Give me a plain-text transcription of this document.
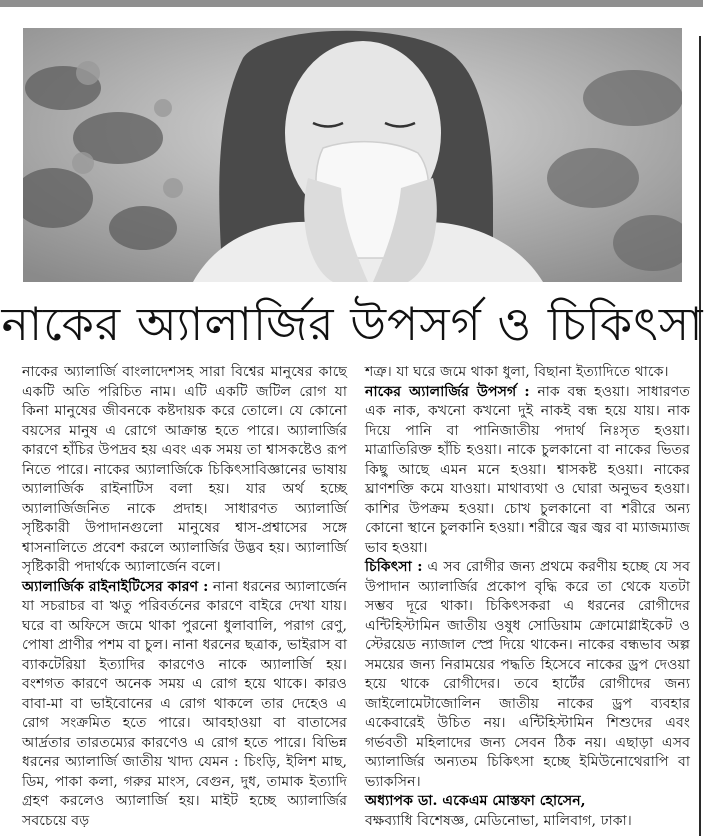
নাকের অ্যালার্জির উপসর্গ ও চিকিৎসা

নাকের অ্যালার্জি বাংলাদেশসহ সারা বিশ্বের মানুষের কাছে একটি অতি পরিচিত নাম। এটি একটি জটিল রোগ যা কিনা মানুষের জীবনকে কষ্টদায়ক করে তোলে। যে কোনো বয়সের মানুষ এ রোগে আক্রান্ত হতে পারে। অ্যালার্জির কারণে হাঁচির উপদ্রব হয় এবং এক সময় তা শ্বাসকষ্টেও রূপ নিতে পারে। নাকের অ্যালার্জিকে চিকিৎসাবিজ্ঞানের ভাষায় অ্যালার্জিক রাইনাটিস বলা হয়। যার অর্থ হচ্ছে অ্যালার্জিজনিত নাকে প্রদাহ। সাধারণত অ্যালার্জি সৃষ্টিকারী উপাদানগুলো মানুষের শ্বাস-প্রশ্বাসের সঙ্গে শ্বাসনালিতে প্রবেশ করলে অ্যালার্জির উদ্ভব হয়। অ্যালার্জি সৃষ্টিকারী পদার্থকে অ্যালার্জেন বলে।

অ্যালার্জিক রাইনাইটিসের কারণ : নানা ধরনের অ্যালার্জেন যা সচরাচর বা ঋতু পরিবর্তনের কারণে বাইরে দেখা যায়। ঘরে বা অফিসে জমে থাকা পুরনো ধুলাবালি, পরাগ রেণু, পোষা প্রাণীর পশম বা চুল। নানা ধরনের ছত্রাক, ভাইরাস বা ব্যাকটেরিয়া ইত্যাদির কারণেও নাকে অ্যালার্জি হয়। বংশগত কারণে অনেক সময় এ রোগ হয়ে থাকে। কারও বাবা-মা বা ভাইবোনের এ রোগ থাকলে তার দেহেও এ রোগ সংক্রমিত হতে পারে। আবহাওয়া বা বাতাসের আর্দ্রতার তারতম্যের কারণেও এ রোগ হতে পারে। বিভিন্ন ধরনের অ্যালার্জি জাতীয় খাদ্য যেমন : চিংড়ি, ইলিশ মাছ, ডিম, পাকা কলা, গরুর মাংস, বেগুন, দুধ, তামাক ইত্যাদি গ্রহণ করলেও অ্যালার্জি হয়। মাইট হচ্ছে অ্যালার্জির সবচেয়ে বড়

শত্রু। যা ঘরে জমে থাকা ধুলা, বিছানা ইত্যাদিতে থাকে।

নাকের অ্যালার্জির উপসর্গ : নাক বন্ধ হওয়া। সাধারণত এক নাক, কখনো কখনো দুই নাকই বন্ধ হয়ে যায়। নাক দিয়ে পানি বা পানিজাতীয় পদার্থ নিঃসৃত হওয়া। মাত্রাতিরিক্ত হাঁচি হওয়া। নাকে চুলকানো বা নাকের ভিতর কিছু আছে এমন মনে হওয়া। শ্বাসকষ্ট হওয়া। নাকের ঘ্রাণশক্তি কমে যাওয়া। মাথাব্যথা ও ঘোরা অনুভব হওয়া। কাশির উপক্রম হওয়া। চোখ চুলকানো বা শরীরে অন্য কোনো স্থানে চুলকানি হওয়া। শরীরে জ্বর জ্বর বা ম্যাজম্যাজ ভাব হওয়া।

চিকিৎসা : এ সব রোগীর জন্য প্রথমে করণীয় হচ্ছে যে সব উপাদান অ্যালার্জির প্রকোপ বৃদ্ধি করে তা থেকে যতটা সম্ভব দূরে থাকা। চিকিৎসকরা এ ধরনের রোগীদের এন্টিহিস্টামিন জাতীয় ওষুধ সোডিয়াম ক্রোমোগ্লাইকেট ও স্টেরয়েড ন্যাজাল স্প্রে দিয়ে থাকেন। নাকের বন্ধভাব অল্প সময়ের জন্য নিরাময়ের পদ্ধতি হিসেবে নাকের ড্রপ দেওয়া হয়ে থাকে রোগীদের। তবে হার্টের রোগীদের জন্য জাইলোমেটাজোলিন জাতীয় নাকের ড্রপ ব্যবহার একেবারেই উচিত নয়। এন্টিহিস্টামিন শিশুদের এবং গর্ভবতী মহিলাদের জন্য সেবন ঠিক নয়। এছাড়া এসব অ্যালার্জির অন্যতম চিকিৎসা হচ্ছে ইমিউনোথেরাপি বা ভ্যাকসিন।

অধ্যাপক ডা. একেএম মোস্তফা হোসেন,

বক্ষব্যাধি বিশেষজ্ঞ, মেডিনোভা, মালিবাগ, ঢাকা।
